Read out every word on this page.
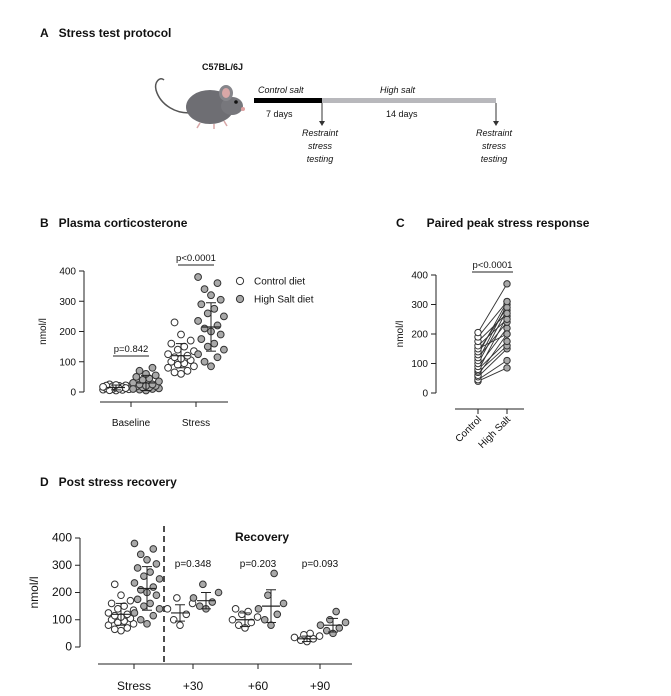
A Stress test protocol
B Plasma corticosterone	C Paired peak stress response
D Post stress recovery
C57BL/6J
Control salt	High salt
7 days	14 days
Restraint
stress
testing
Restraint
stress
testing
0
100
200
300
400
nmol/l
Baseline	Stress
p=0.842
p<0.0001
Control diet
High Salt diet
0
100
200
300
400
nmol/l
Control
High Salt
p<0.0001
0
100
200
300
400
nmol/l
Stress	+30	+60	+90
Recovery
p=0.348	p=0.203	p=0.093
